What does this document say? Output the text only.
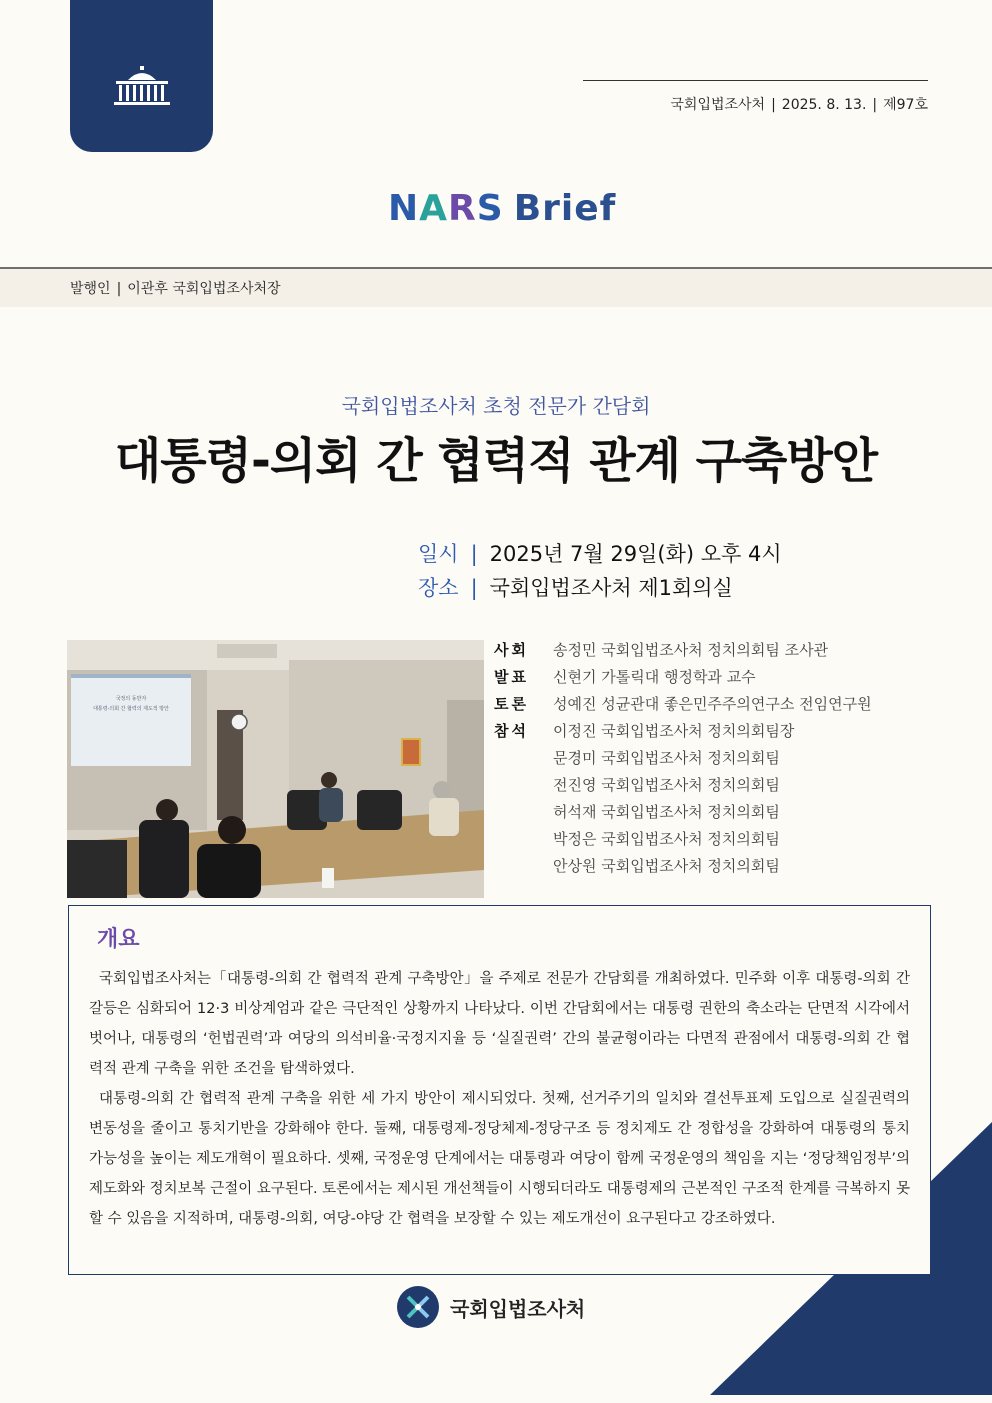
국회입법조사처 | 2025. 8. 13. | 제97호
NARS Brief
발행인 | 이관후 국회입법조사처장
국회입법조사처 초청 전문가 간담회
대통령-의회 간 협력적 관계 구축방안
일시 | 2025년 7월 29일(화) 오후 4시
장소 | 국회입법조사처 제1회의실
국정의 동반자
대통령-의회 간 협력의 제도적 방안
사회	송정민 국회입법조사처 정치의회팀 조사관
발표	신현기 가톨릭대 행정학과 교수
토론	성예진 성균관대 좋은민주주의연구소 전임연구원
참석	이정진 국회입법조사처 정치의회팀장
문경미 국회입법조사처 정치의회팀
전진영 국회입법조사처 정치의회팀
허석재 국회입법조사처 정치의회팀
박정은 국회입법조사처 정치의회팀
안상원 국회입법조사처 정치의회팀
개요

국회입법조사처는「대통령-의회 간 협력적 관계 구축방안」을 주제로 전문가 간담회를 개최하였다. 민주화 이후 대통령-의회 간 갈등은 심화되어 12·3 비상계엄과 같은 극단적인 상황까지 나타났다. 이번 간담회에서는 대통령 권한의 축소라는 단면적 시각에서 벗어나, 대통령의 ‘헌법권력’과 여당의 의석비율·국정지지율 등 ‘실질권력’ 간의 불균형이라는 다면적 관점에서 대통령-의회 간 협력적 관계 구축을 위한 조건을 탐색하였다.

대통령-의회 간 협력적 관계 구축을 위한 세 가지 방안이 제시되었다. 첫째, 선거주기의 일치와 결선투표제 도입으로 실질권력의 변동성을 줄이고 통치기반을 강화해야 한다. 둘째, 대통령제-정당체제-정당구조 등 정치제도 간 정합성을 강화하여 대통령의 통치가능성을 높이는 제도개혁이 필요하다. 셋째, 국정운영 단계에서는 대통령과 여당이 함께 국정운영의 책임을 지는 ‘정당책임정부’의 제도화와 정치보복 근절이 요구된다. 토론에서는 제시된 개선책들이 시행되더라도 대통령제의 근본적인 구조적 한계를 극복하지 못할 수 있음을 지적하며, 대통령-의회, 여당-야당 간 협력을 보장할 수 있는 제도개선이 요구된다고 강조하였다.

국회입법조사처
